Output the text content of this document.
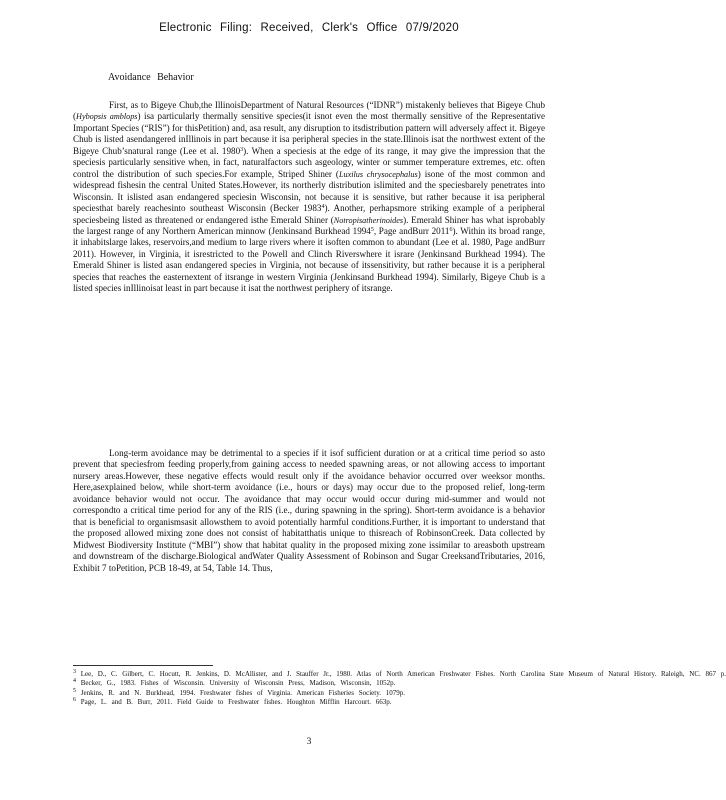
Electronic Filing: Received, Clerk's Office 07/9/2020
Avoidance Behavior

First, as to Bigeye Chub,the IllinoisDepartment of Natural Resources (“IDNR”) mistakenly believes that Bigeye Chub (Hybopsis amblops) isa particularly thermally sensitive species(it isnot even the most thermally sensitive of the Representative Important Species (“RIS”) for thisPetition) and, asa result, any disruption to itsdistribution pattern will adversely affect it. Bigeye Chub is listed asendangered inIllinois in part because it isa peripheral species in the state.Illinois isat the northwest extent of the Bigeye Chub’snatural range (Lee et al. 1980$^3$). When a speciesis at the edge of its range, it may give the impression that the speciesis particularly sensitive when, in fact, naturalfactors such asgeology, winter or summer temperature extremes, etc. often control the distribution of such species.For example, Striped Shiner (Luxilus chrysocephalus) isone of the most common and widespread fishesin the central United States.However, its northerly distribution islimited and the speciesbarely penetrates into Wisconsin. It islisted asan endangered speciesin Wisconsin, not because it is sensitive, but rather because it isa peripheral speciesthat barely reachesinto southeast Wisconsin (Becker 1983$^4$). Another, perhapsmore striking example of a peripheral speciesbeing listed as threatened or endangered isthe Emerald Shiner (Notropisatherinoides). Emerald Shiner has what isprobably the largest range of any Northern American minnow (Jenkinsand Burkhead 1994$^5$, Page andBurr 2011$^6$). Within its broad range, it inhabitslarge lakes, reservoirs,and medium to large rivers where it isoften common to abundant (Lee et al. 1980, Page andBurr 2011). However, in Virginia, it isrestricted to the Powell and Clinch Riverswhere it israre (Jenkinsand Burkhead 1994). The Emerald Shiner is listed asan endangered species in Virginia, not because of itssensitivity, but rather because it is a peripheral species that reaches the easternextent of itsrange in western Virginia (Jenkinsand Burkhead 1994). Similarly, Bigeye Chub is a listed species inIllinoisat least in part because it isat the northwest periphery of itsrange.

Long-term avoidance may be detrimental to a species if it isof sufficient duration or at a critical time period so asto prevent that speciesfrom feeding properly,from gaining access to needed spawning areas, or not allowing access to important nursery areas.However, these negative effects would result only if the avoidance behavior occurred over weeksor months. Here,asexplained below, while short-term avoidance (i.e., hours or days) may occur due to the proposed relief, long-term avoidance behavior would not occur. The avoidance that may occur would occur during mid-summer and would not correspondto a critical time period for any of the RIS (i.e., during spawning in the spring). Short-term avoidance is a behavior that is beneficial to organismsasit allowsthem to avoid potentially harmful conditions.Further, it is important to understand that the proposed allowed mixing zone does not consist of habitatthatis unique to thisreach of RobinsonCreek. Data collected by Midwest Biodiversity Institute (“MBI”) show that habitat quality in the proposed mixing zone issimilar to areasboth upstream and downstream of the discharge.Biological andWater Quality Assessment of Robinson and Sugar CreeksandTributaries, 2016, Exhibit 7 toPetition, PCB 18-49, at 54, Table 14. Thus,

$^3$ Lee, D., C. Gilbert, C. Hocutt, R. Jenkins, D. McAllister, and J. Stauffer Jr., 1980. Atlas of North American Freshwater Fishes. North Carolina State Museum of Natural History. Raleigh, NC. 867 p.
$^4$ Becker, G., 1983. Fishes of Wisconsin. University of Wisconsin Press, Madison, Wisconsin, 1052p.
$^5$ Jenkins, R. and N. Burkhead, 1994. Freshwater fishes of Virginia. American Fisheries Society. 1079p.
$^6$ Page, L. and B. Burr, 2011. Field Guide to Freshwater fishes. Houghton Mifflin Harcourt. 663p.
3
